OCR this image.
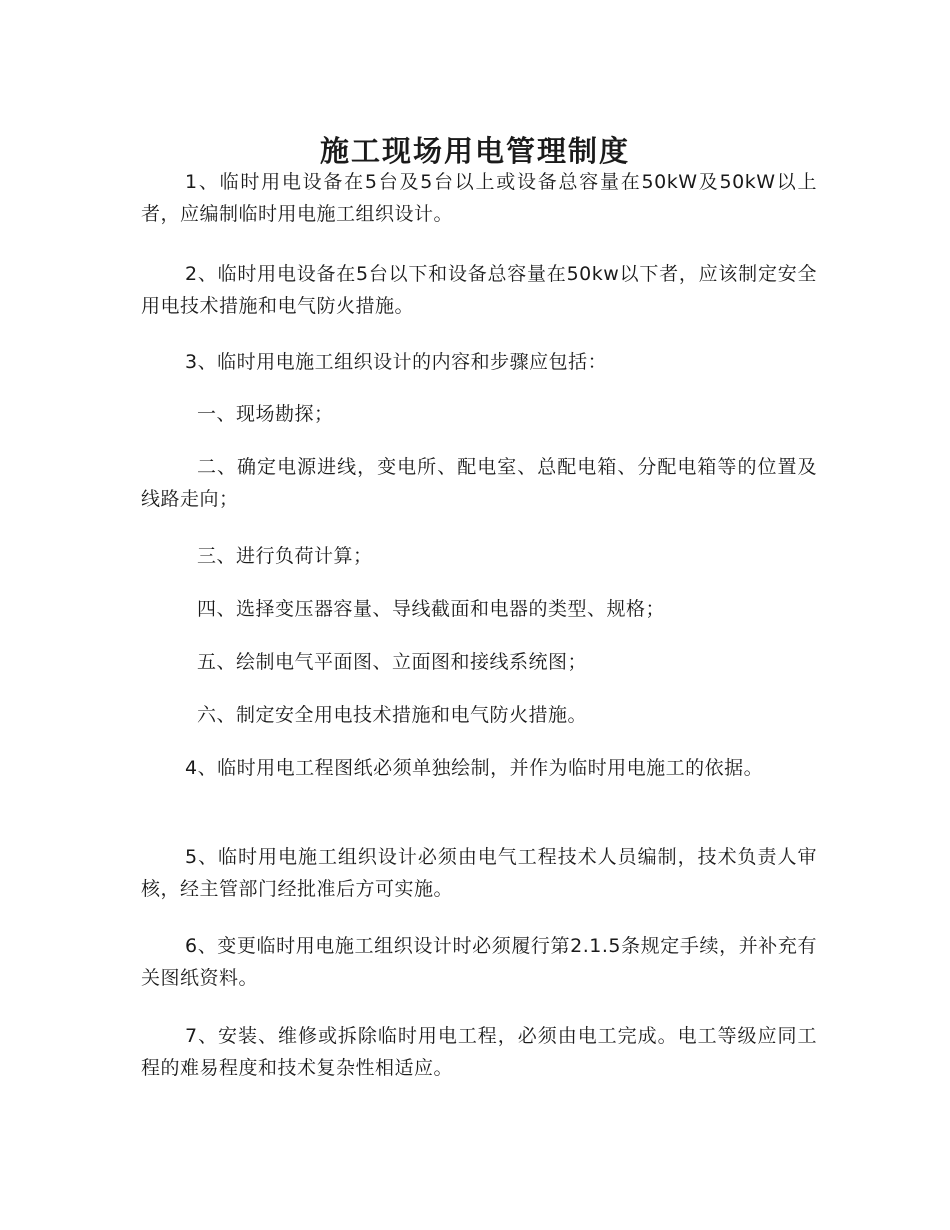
施工现场用电管理制度

1、临时用电设备在5台及5台以上或设备总容量在50kW及50kW以上者，应编制临时用电施工组织设计。

2、临时用电设备在5台以下和设备总容量在50kw以下者，应该制定安全用电技术措施和电气防火措施。

3、临时用电施工组织设计的内容和步骤应包括：

一、现场勘探；

二、确定电源进线，变电所、配电室、总配电箱、分配电箱等的位置及线路走向；

三、进行负荷计算；

四、选择变压器容量、导线截面和电器的类型、规格；

五、绘制电气平面图、立面图和接线系统图；

六、制定安全用电技术措施和电气防火措施。

4、临时用电工程图纸必须单独绘制，并作为临时用电施工的依据。

5、临时用电施工组织设计必须由电气工程技术人员编制，技术负责人审核，经主管部门经批准后方可实施。

6、变更临时用电施工组织设计时必须履行第2.1.5条规定手续，并补充有关图纸资料。

7、安装、维修或拆除临时用电工程，必须由电工完成。电工等级应同工程的难易程度和技术复杂性相适应。
